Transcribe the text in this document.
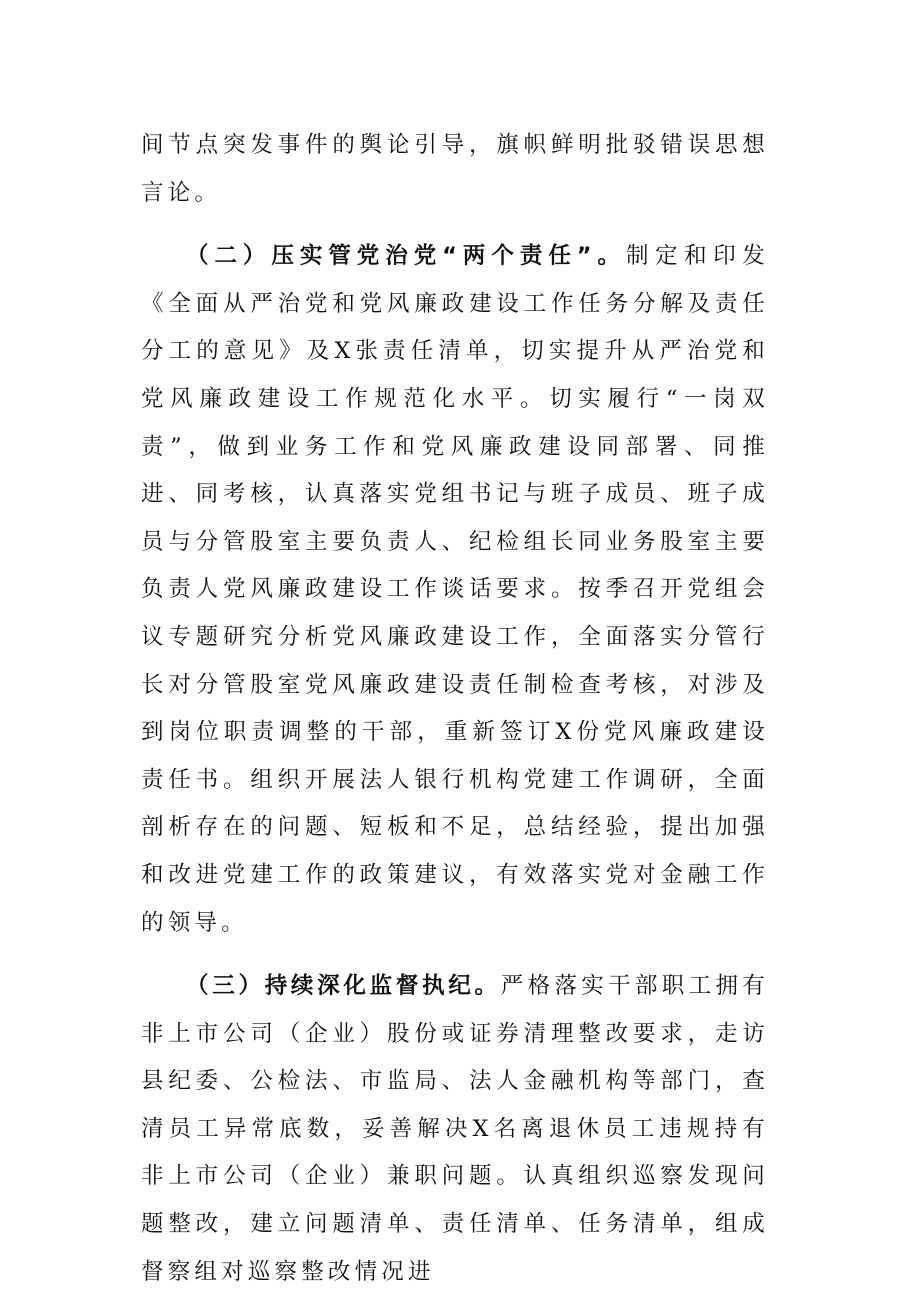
间节点突发事件的舆论引导，旗帜鲜明批驳错误思想言论。

（二）压实管党治党“两个责任”。制定和印发《全面从严治党和党风廉政建设工作任务分解及责任分工的意见》及X张责任清单，切实提升从严治党和党风廉政建设工作规范化水平。切实履行“一岗双责”，做到业务工作和党风廉政建设同部署、同推进、同考核，认真落实党组书记与班子成员、班子成员与分管股室主要负责人、纪检组长同业务股室主要负责人党风廉政建设工作谈话要求。按季召开党组会议专题研究分析党风廉政建设工作，全面落实分管行长对分管股室党风廉政建设责任制检查考核，对涉及到岗位职责调整的干部，重新签订X份党风廉政建设责任书。组织开展法人银行机构党建工作调研，全面剖析存在的问题、短板和不足，总结经验，提出加强和改进党建工作的政策建议，有效落实党对金融工作的领导。

（三）持续深化监督执纪。严格落实干部职工拥有非上市公司（企业）股份或证券清理整改要求，走访县纪委、公检法、市监局、法人金融机构等部门，查清员工异常底数，妥善解决X名离退休员工违规持有非上市公司（企业）兼职问题。认真组织巡察发现问题整改，建立问题清单、责任清单、任务清单，组成督察组对巡察整改情况进
